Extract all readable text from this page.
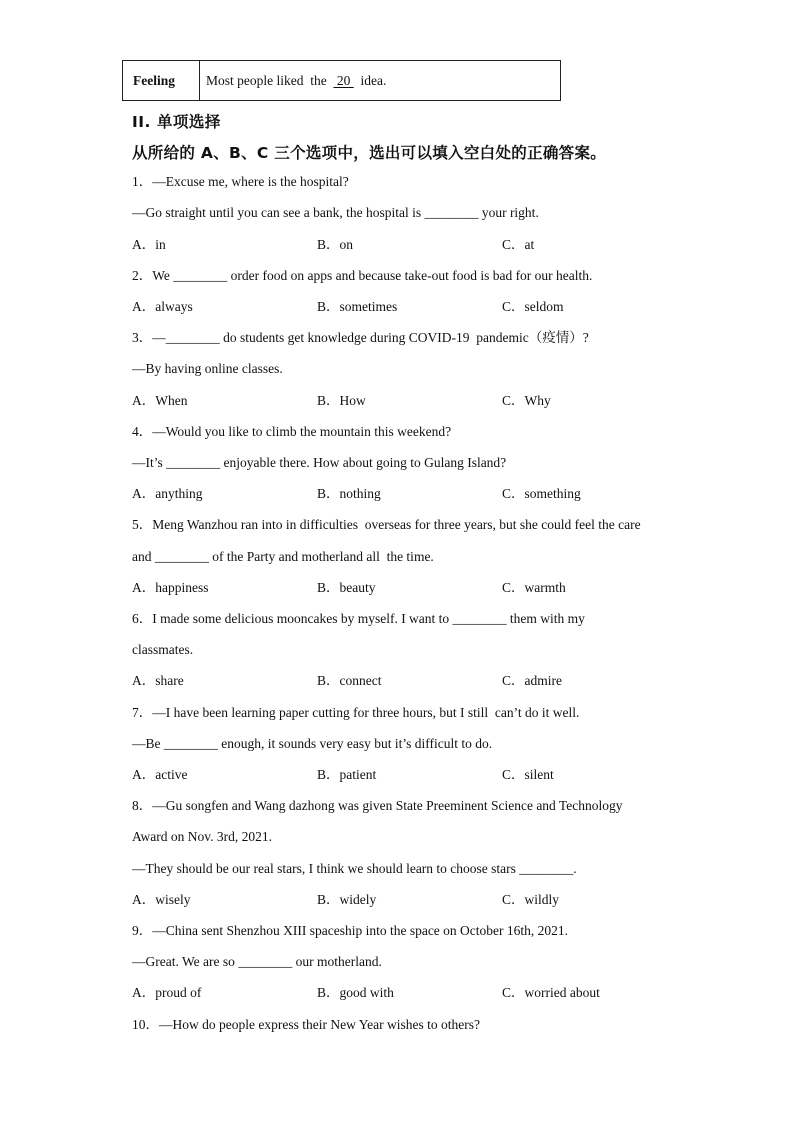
Feeling	Most people liked  the 20 idea.
II. 单项选择
从所给的 A、B、C 三个选项中，选出可以填入空白处的正确答案。
1．—Excuse me, where is the hospital?
—Go straight until you can see a bank, the hospital is ________ your right.
A．in	B．on	C．at
2．We ________ order food on apps and because take-out food is bad for our health.
A．always	B．sometimes	C．seldom
3．—________ do students get knowledge during COVID-19  pandemic（疫情）?
—By having online classes.
A．When	B．How	C．Why
4．—Would you like to climb the mountain this weekend?
—It’s ________ enjoyable there. How about going to Gulang Island?
A．anything	B．nothing	C．something
5．Meng Wanzhou ran into in difficulties  overseas for three years, but she could feel the care
and ________ of the Party and motherland all  the time.
A．happiness	B．beauty	C．warmth
6．I made some delicious mooncakes by myself. I want to ________ them with my
classmates.
A．share	B．connect	C．admire
7．—I have been learning paper cutting for three hours, but I still  can’t do it well.
—Be ________ enough, it sounds very easy but it’s difficult to do.
A．active	B．patient	C．silent
8．—Gu songfen and Wang dazhong was given State Preeminent Science and Technology
Award on Nov. 3rd, 2021.
—They should be our real stars, I think we should learn to choose stars ________.
A．wisely	B．widely	C．wildly
9．—China sent Shenzhou XIII spaceship into the space on October 16th, 2021.
—Great. We are so ________ our motherland.
A．proud of	B．good with	C．worried about
10．—How do people express their New Year wishes to others?
